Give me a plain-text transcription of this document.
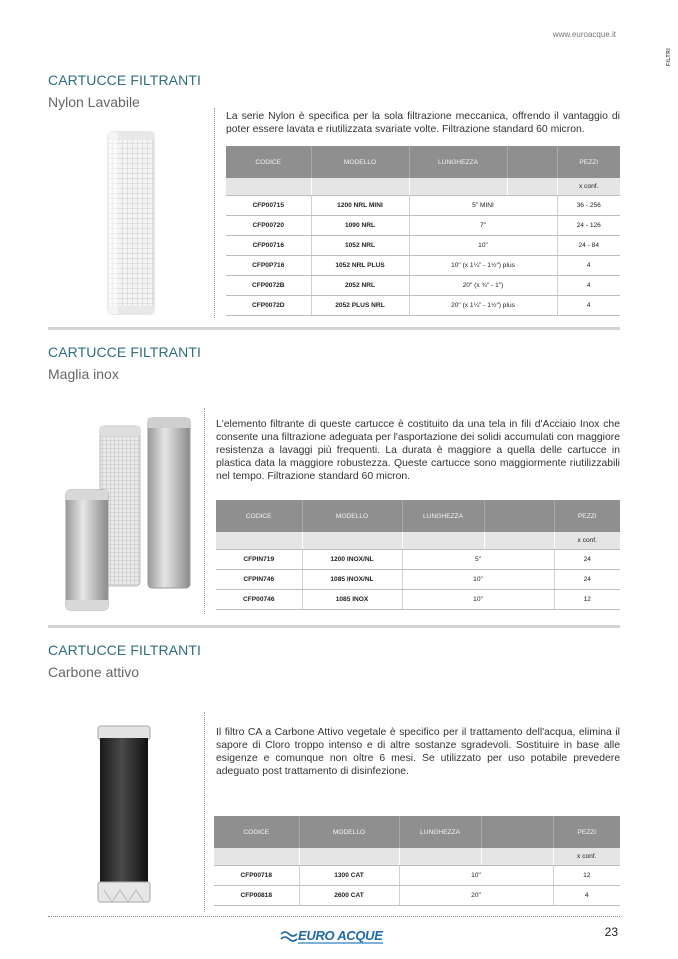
www.euroacque.it
FILTRI
CARTUCCE FILTRANTI
Nylon Lavabile
La serie Nylon è specifica per la sola filtrazione meccanica, offrendo il vantaggio di poter essere lavata e riutilizzata svariate volte. Filtrazione standard 60 micron.
CODICE	MODELLO	LUNGHEZZA		PEZZI
				x conf.
CFP00715	1200 NRL MINI	5" MINI		36 - 256
CFP00720	1090 NRL	7"		24 - 126
CFP00716	1052 NRL	10"		24 - 84
CFP0P716	1052 NRL PLUS	10" (x 1¼" - 1½") plus		4
CFP0072B	2052 NRL	20" (x ¾" - 1")		4
CFP0072D	2052 PLUS NRL	20" (x 1¼" - 1½") plus		4
CARTUCCE FILTRANTI
Maglia inox
L'elemento filtrante di queste cartucce è costituito da una tela in fili d'Acciaio Inox che consente una filtrazione adeguata per l'asportazione dei solidi accumulati con maggiore resistenza a lavaggi più frequenti. La durata è maggiore a quella delle cartucce in plastica data la maggiore robustezza. Queste cartucce sono maggiormente riutilizzabili nel tempo. Filtrazione standard 60 micron.
CODICE	MODELLO	LUNGHEZZA		PEZZI
				x conf.
CFPIN719	1200 INOX/NL	5"		24
CFPIN746	1085 INOX/NL	10"		24
CFP00746	1085 INOX	10"		12
CARTUCCE FILTRANTI
Carbone attivo
Il filtro CA a Carbone Attivo vegetale è specifico per il trattamento dell'acqua, elimina il sapore di Cloro troppo intenso e di altre sostanze sgradevoli. Sostituire in base alle esigenze e comunque non oltre 6 mesi. Se utilizzato per uso potabile prevedere adeguato post trattamento di disinfezione.
CODICE	MODELLO	LUNGHEZZA		PEZZI
				x conf.
CFP00718	1300 CAT	10"		12
CFP00818	2600 CAT	20"		4
EURO ACQUE	23
